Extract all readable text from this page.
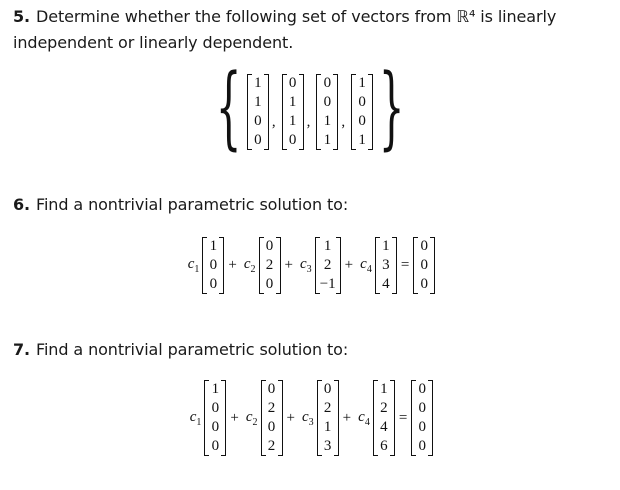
5. Determine whether the following set of vectors from ℝ⁴ is linearly
independent or linearly dependent.
{ 1
1
0
0
,
0
1
1
0
,
0
0
1
1
,
1
0
0
1 }
6. Find a nontrivial parametric solution to:
$c_1$
1
0
0
+ $c_2$
0
2
0
+ $c_3$
1
2
−1
+ $c_4$
1
3
4
=
0
0
0
7. Find a nontrivial parametric solution to:
$c_1$
1
0
0
0
+ $c_2$
0
2
0
2
+ $c_3$
0
2
1
3
+ $c_4$
1
2
4
6
=
0
0
0
0
